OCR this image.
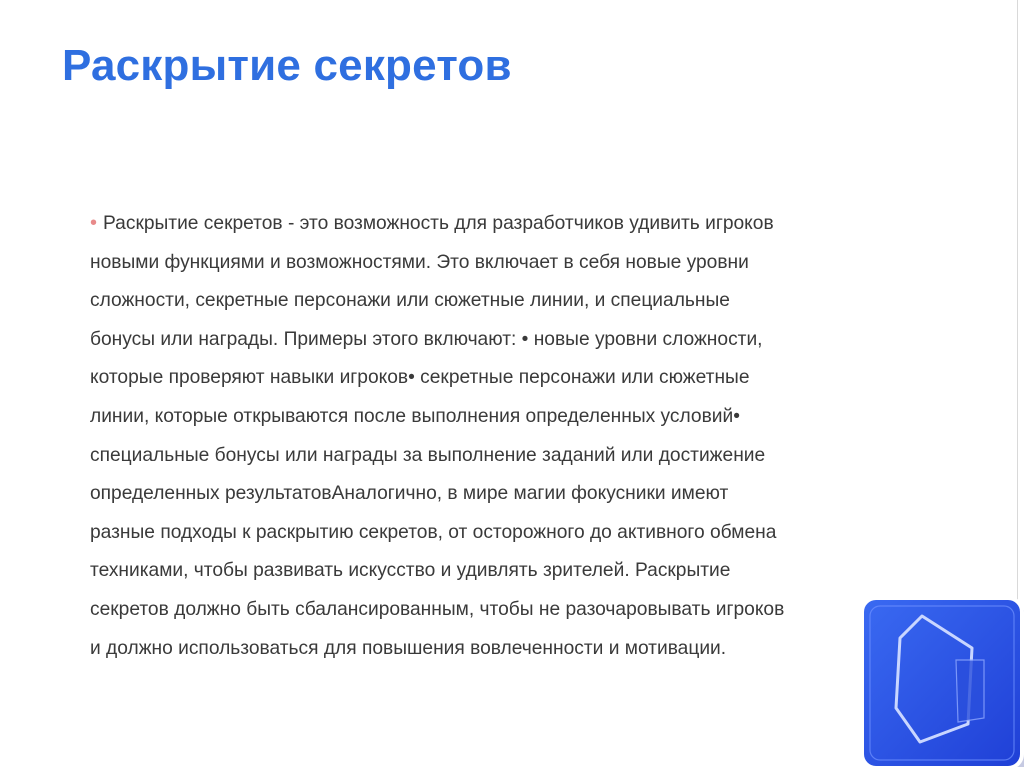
Раскрытие секретов
• Раскрытие секретов - это возможность для разработчиков удивить игроков
новыми функциями и возможностями. Это включает в себя новые уровни
сложности, секретные персонажи или сюжетные линии, и специальные
бонусы или награды. Примеры этого включают: • новые уровни сложности,
которые проверяют навыки игроков• секретные персонажи или сюжетные
линии, которые открываются после выполнения определенных условий•
специальные бонусы или награды за выполнение заданий или достижение
определенных результатовАналогично, в мире магии фокусники имеют
разные подходы к раскрытию секретов, от осторожного до активного обмена
техниками, чтобы развивать искусство и удивлять зрителей. Раскрытие
секретов должно быть сбалансированным, чтобы не разочаровывать игроков
и должно использоваться для повышения вовлеченности и мотивации.
